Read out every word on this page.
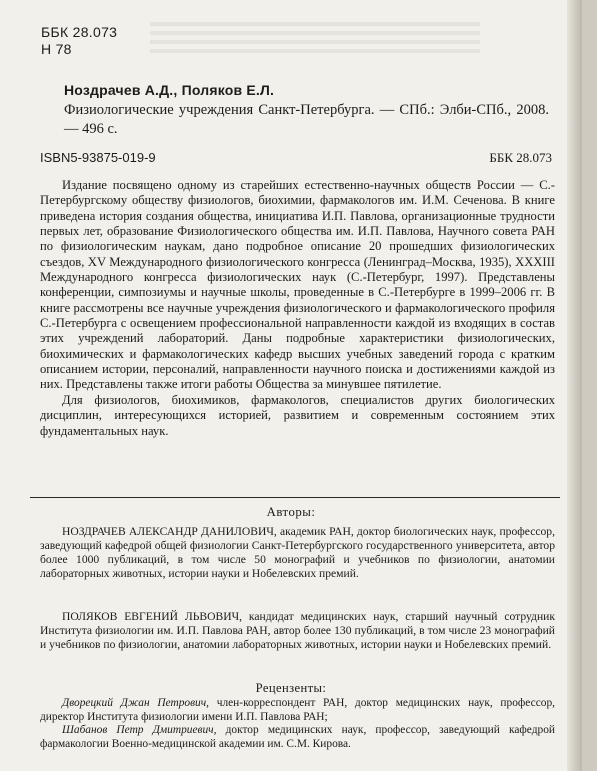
ББК 28.073
Н 78
Ноздрачев А.Д., Поляков Е.Л.
Физиологические учреждения Санкт-Петербурга. — СПб.: Элби-СПб., 2008. — 496 с.
ISBN5-93875-019-9	ББК 28.073

Издание посвящено одному из старейших естественно-научных обществ России — С.-Петербургскому обществу физиологов, биохимии, фармакологов им. И.М. Сеченова. В книге приведена история создания общества, инициатива И.П. Павлова, организационные трудности первых лет, образование Физиологического общества им. И.П. Павлова, Научного совета РАН по физиологическим наукам, дано подробное описание 20 прошедших физиологических съездов, XV Международного физиологического конгресса (Ленинград–Москва, 1935), XXXIII Международного конгресса физиологических наук (С.-Петербург, 1997). Представлены конференции, симпозиумы и научные школы, проведенные в С.-Петербурге в 1999–2006 гг. В книге рассмотрены все научные учреждения физиологического и фармакологического профиля С.-Петербурга с освещением профессиональной направленности каждой из входящих в состав этих учреждений лабораторий. Даны подробные характеристики физиологических, биохимических и фармакологических кафедр высших учебных заведений города с кратким описанием истории, персоналий, направленности научного поиска и достижениями каждой из них. Представлены также итоги работы Общества за минувшее пятилетие.

Для физиологов, биохимиков, фармакологов, специалистов других биологических дисциплин, интересующихся историей, развитием и современным состоянием этих фундаментальных наук.

Авторы:

НОЗДРАЧЕВ АЛЕКСАНДР ДАНИЛОВИЧ, академик РАН, доктор биологических наук, профессор, заведующий кафедрой общей физиологии Санкт-Петербургского государственного университета, автор более 1000 публикаций, в том числе 50 монографий и учебников по физиологии, анатомии лабораторных животных, истории науки и Нобелевских премий.

ПОЛЯКОВ ЕВГЕНИЙ ЛЬВОВИЧ, кандидат медицинских наук, старший научный сотрудник Института физиологии им. И.П. Павлова РАН, автор более 130 публикаций, в том числе 23 монографий и учебников по физиологии, анатомии лабораторных животных, истории науки и Нобелевских премий.

Рецензенты:

Дворецкий Джан Петрович, член-корреспондент РАН, доктор медицинских наук, профессор, директор Института физиологии имени И.П. Павлова РАН;

Шабанов Петр Дмитриевич, доктор медицинских наук, профессор, заведующий кафедрой фармакологии Военно-медицинской академии им. С.М. Кирова.
